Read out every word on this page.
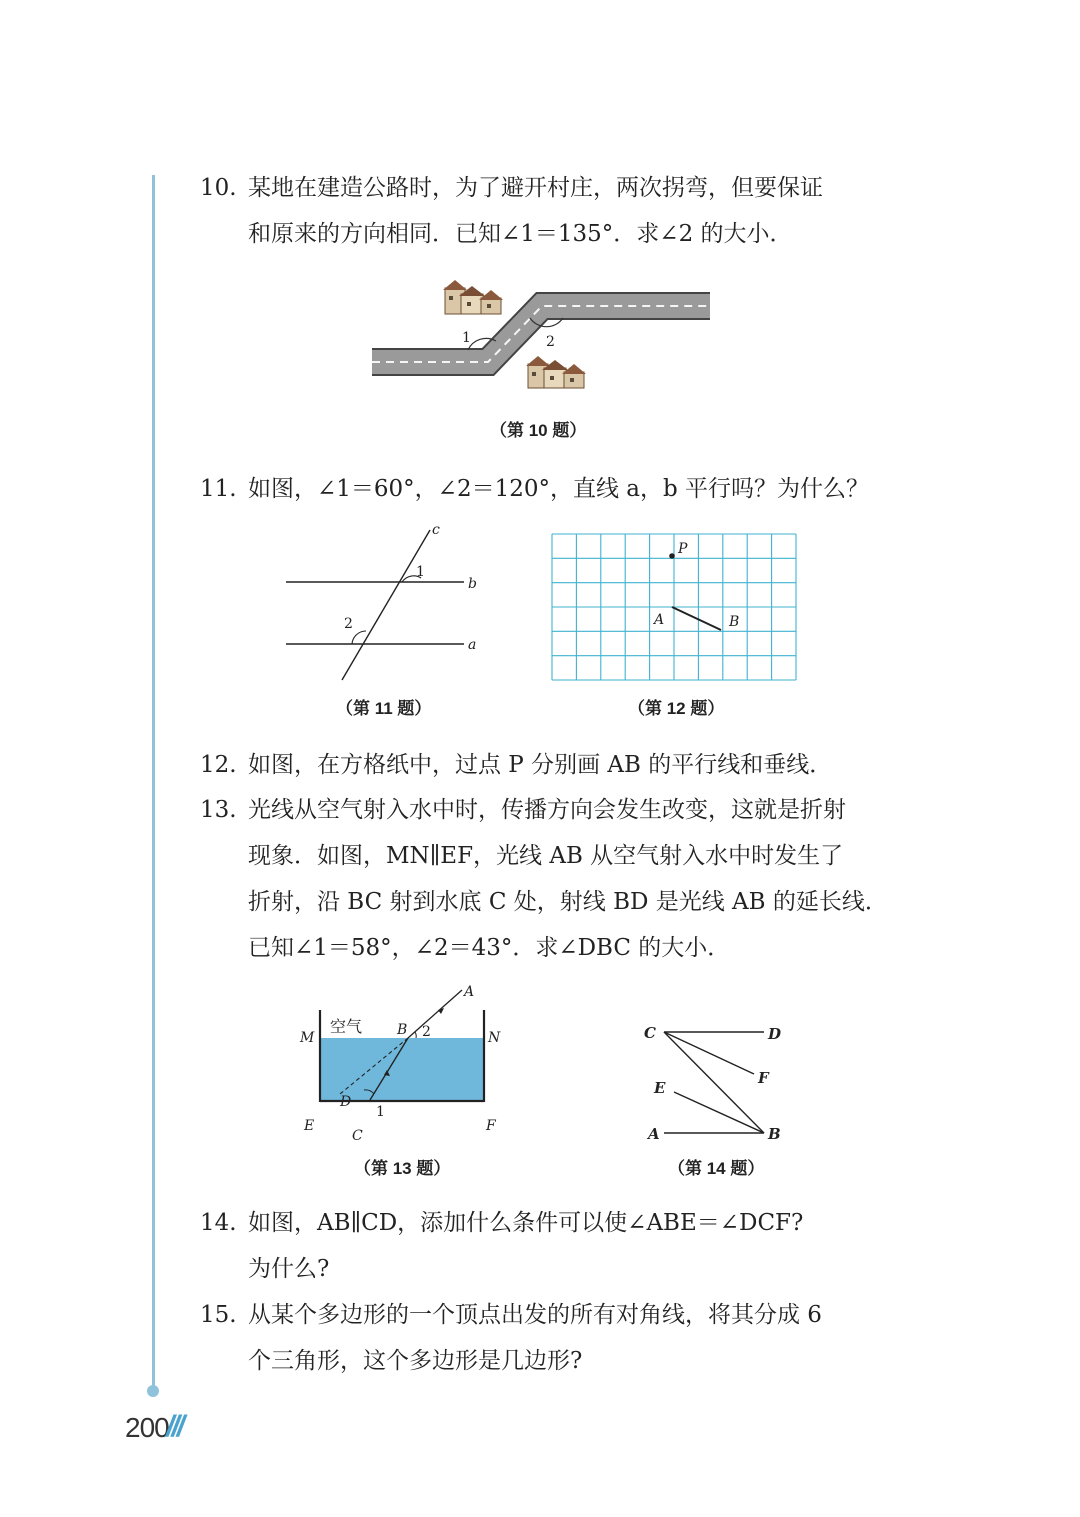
10. 某地在建造公路时，为了避开村庄，两次拐弯，但要保证
和原来的方向相同．已知∠1＝135°．求∠2 的大小．
1	2
（第 10 题）
11. 如图，∠1＝60°，∠2＝120°，直线 a，b 平行吗？为什么？
1
2
b
a
c
（第 11 题）
P
A	B
（第 12 题）
12. 如图，在方格纸中，过点 P 分别画 AB 的平行线和垂线．
13. 光线从空气射入水中时，传播方向会发生改变，这就是折射
现象．如图，MN∥EF，光线 AB 从空气射入水中时发生了
折射，沿 BC 射到水底 C 处，射线 BD 是光线 AB 的延长线．
已知∠1＝58°，∠2＝43°．求∠DBC 的大小．
空气
A
B 2
M	N
D
1
E
C
F
（第 13 题）
C	D
F
E
A	B
（第 14 题）
14. 如图，AB∥CD，添加什么条件可以使∠ABE＝∠DCF?
为什么?
15. 从某个多边形的一个顶点出发的所有对角线，将其分成 6
个三角形，这个多边形是几边形?
200
///
